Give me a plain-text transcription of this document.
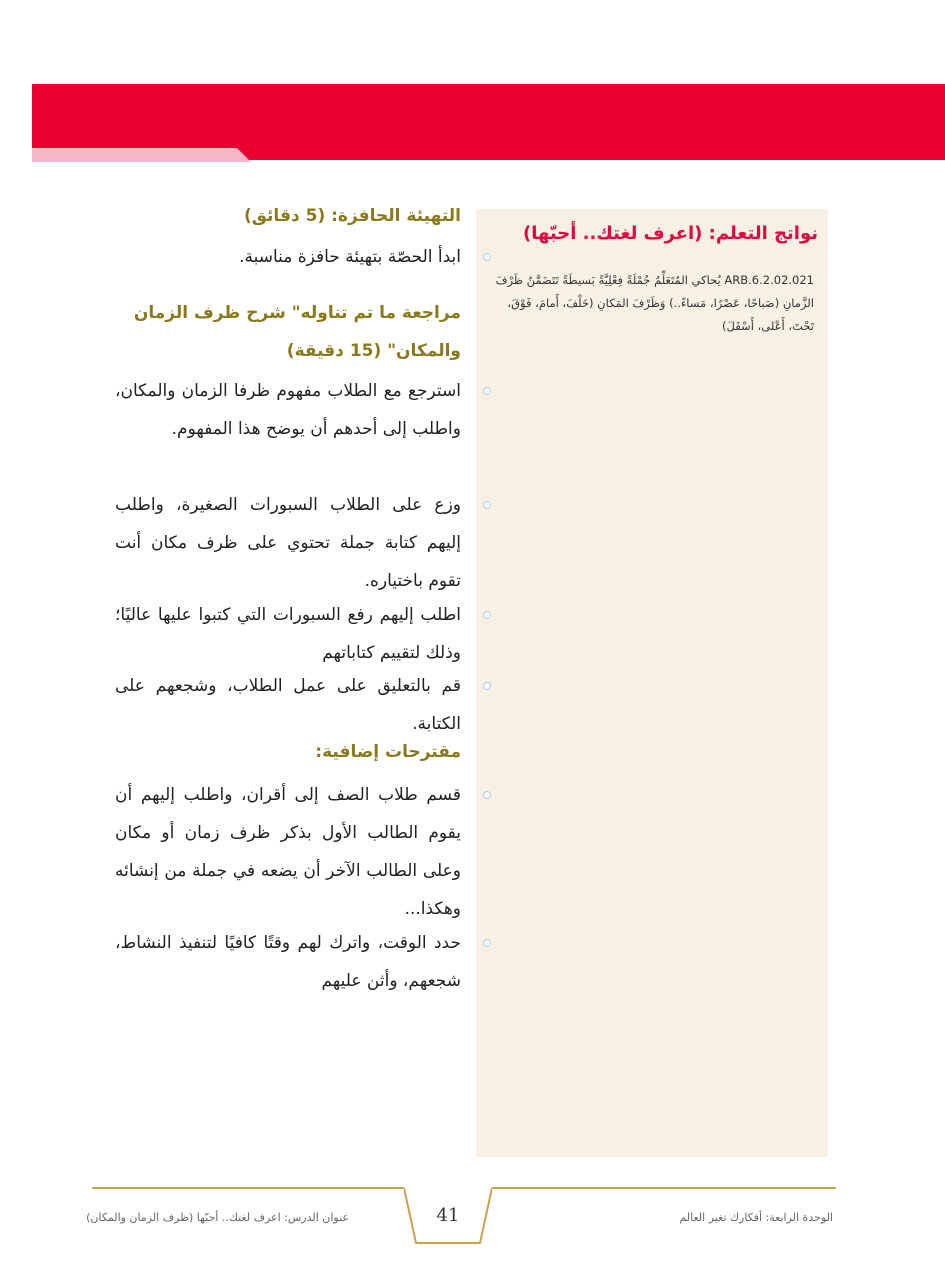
نواتج التعلم: (اعرف لغتك.. أحبّها)

ARB.6.2.02.021 يُحاكي المُتَعَلِّمُ جُمْلَةً فِعْلِيَّةً بَسيطَةً تَتَضَمَّنُ ظَرْفَ الزَّمانِ (صَباحًا، عَصْرًا، مَساءً..) وَظَرْفَ المَكانِ (خَلْفَ، أَمامَ، فَوْقَ، تَحْتَ، أَعْلى، أَسْفَلَ)

التهيئة الحافزة: (5 دقائق)

ابدأ الحصّة بتهيئة حافزة مناسبة.

مراجعة ما تم تناوله" شرح ظرف الزمان والمكان" (15 دقيقة)

استرجع مع الطلاب مفهوم ظرفا الزمان والمكان، واطلب إلى أحدهم أن يوضح هذا المفهوم.

وزع على الطلاب السبورات الصغيرة، واطلب إليهم كتابة جملة تحتوي على ظرف مكان أنت تقوم باختياره.

اطلب إليهم رفع السبورات التي كتبوا عليها عاليًا؛ وذلك لتقييم كتاباتهم

قم بالتعليق على عمل الطلاب، وشجعهم على الكتابة.

مقترحات إضافية:

قسم طلاب الصف إلى أقران، واطلب إليهم أن يقوم الطالب الأول بذكر ظرف زمان أو مكان وعلى الطالب الآخر أن يضعه في جملة من إنشائه وهكذا...

حدد الوقت، واترك لهم وقتًا كافيًا لتنفيذ النشاط، شجعهم، وأثن عليهم

41	الوحدة الرابعة: أفكارك تغير العالم
عنوان الدرس: اعرف لغتك.. أحبّها (ظرف الزمان والمكان)
